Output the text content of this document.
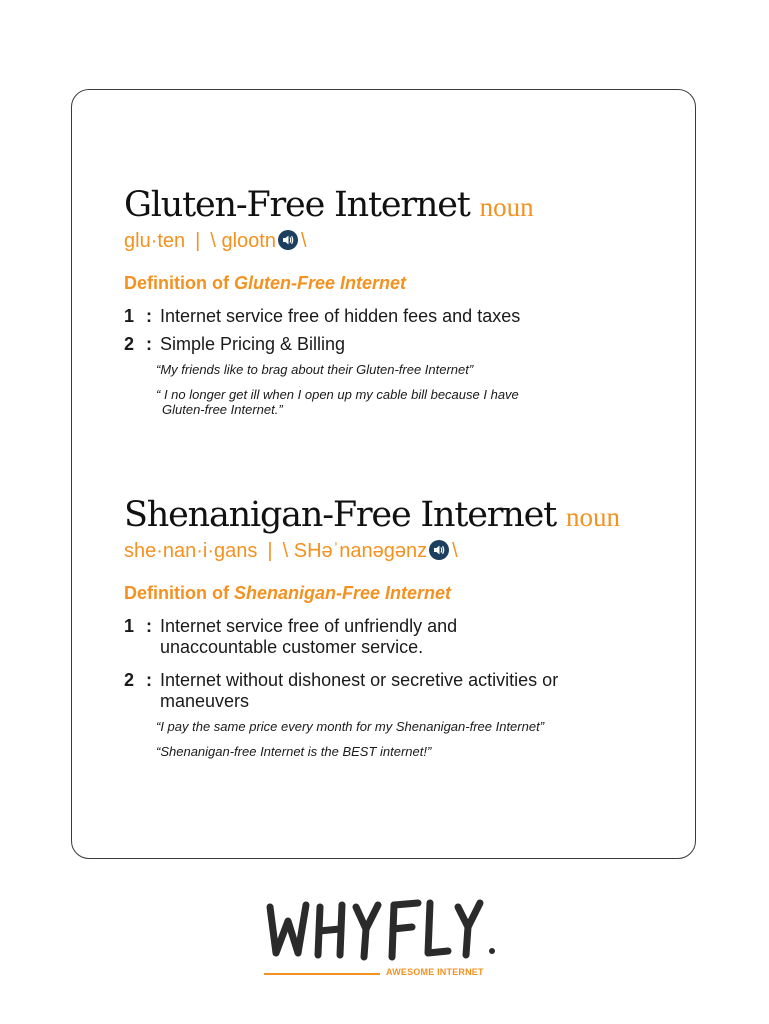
Gluten-Free Internet noun
glu·ten | \ glootn \
Definition of Gluten-Free Internet
1 : Internet service free of hidden fees and taxes
2 : Simple Pricing & Billing
“My friends like to brag about their Gluten-free Internet”
“ I no longer get ill when I open up my cable bill because I have Gluten-free Internet.”
Shenanigan-Free Internet noun
she·nan·i·gans | \ SHəˈnanəgənz \
Definition of Shenanigan-Free Internet
1 : Internet service free of unfriendly and unaccountable customer service.
2 : Internet without dishonest or secretive activities or maneuvers
“I pay the same price every month for my Shenanigan-free Internet”
“Shenanigan-free Internet is the BEST internet!”
AWESOME INTERNET
